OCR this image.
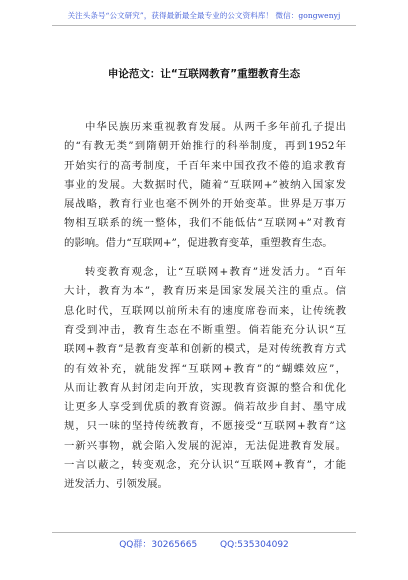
关注头条号“公文研究”，获得最新最全最专业的公文资料库！ 微信：gongwenyj
申论范文：让“互联网教育”重塑教育生态
中华民族历来重视教育发展。从两千多年前孔子提出
的“有教无类”到隋朝开始推行的科举制度，再到1952年
开始实行的高考制度，千百年来中国孜孜不倦的追求教育
事业的发展。大数据时代，随着“互联网+”被纳入国家发
展战略，教育行业也毫不例外的开始变革。世界是万事万
物相互联系的统一整体，我们不能低估“互联网+”对教育
的影响。借力“互联网+”，促进教育变革，重塑教育生态。
转变教育观念，让“互联网+教育”迸发活力。“百年
大计，教育为本”，教育历来是国家发展关注的重点。信
息化时代，互联网以前所未有的速度席卷而来，让传统教
育受到冲击，教育生态在不断重塑。倘若能充分认识“互
联网+教育”是教育变革和创新的模式，是对传统教育方式
的有效补充，就能发挥“互联网+教育”的“蝴蝶效应”，
从而让教育从封闭走向开放，实现教育资源的整合和优化
让更多人享受到优质的教育资源。倘若故步自封、墨守成
规，只一味的坚持传统教育，不愿接受“互联网+教育”这
一新兴事物，就会陷入发展的泥淖，无法促进教育发展。
一言以蔽之，转变观念，充分认识“互联网+教育”，才能
迸发活力、引领发展。
QQ群：30265665	QQ:535304092
